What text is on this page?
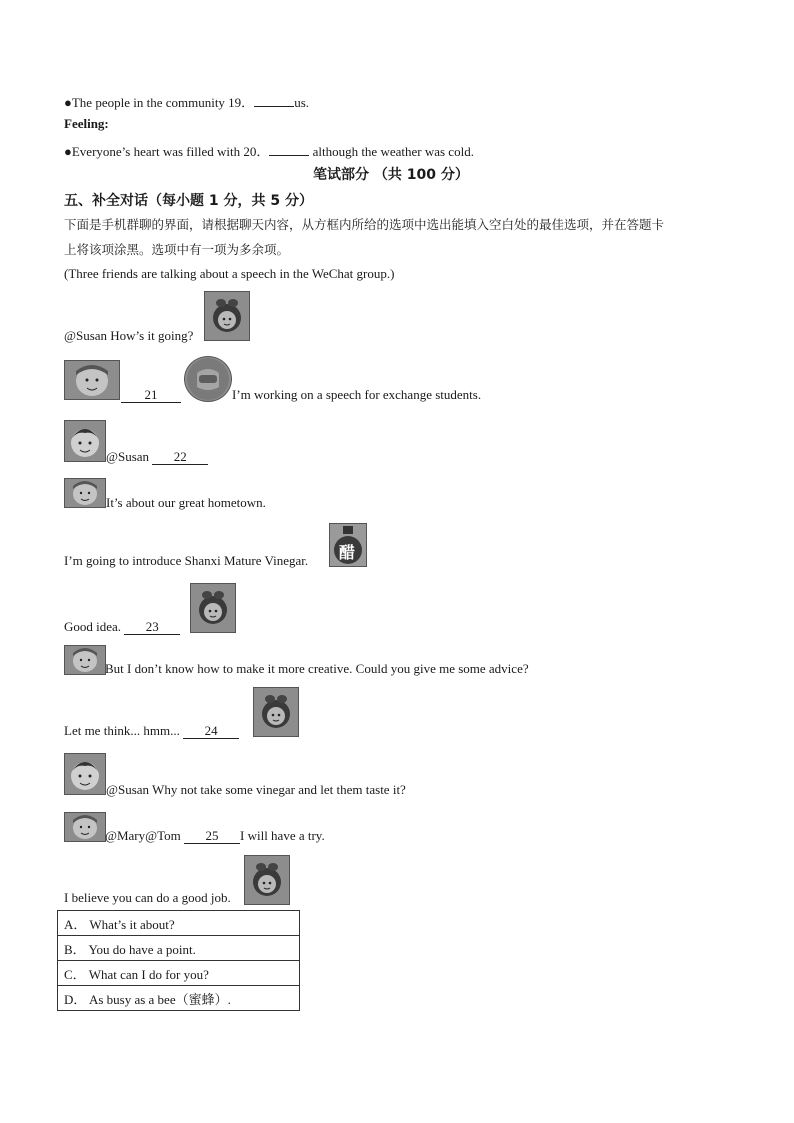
●The people in the community 19．	us.
Feeling:
●Everyone’s heart was filled with 20．	although the weather was cold.
笔试部分 （共 100 分）
五、补全对话（每小题 1 分，共 5 分）
下面是手机群聊的界面，请根据聊天内容，从方框内所给的选项中选出能填入空白处的最佳选项，并在答题卡
上将该项涂黑。选项中有一项为多余项。
(Three friends are talking about a speech in the WeChat group.)
@Susan How’s it going?
21	I’m working on a speech for exchange students.
@Susan 22
It’s about our great hometown.
I’m going to introduce Shanxi Mature Vinegar. 醋
Good idea. 23
But I don’t know how to make it more creative. Could you give me some advice?
Let me think... hmm... 24
@Susan Why not take some vinegar and let them taste it?
@Mary@Tom 25 I will have a try.
I believe you can do a good job.
A． What’s it about?
B． You do have a point.
C． What can I do for you?
D． As busy as a bee（蜜蜂）.
